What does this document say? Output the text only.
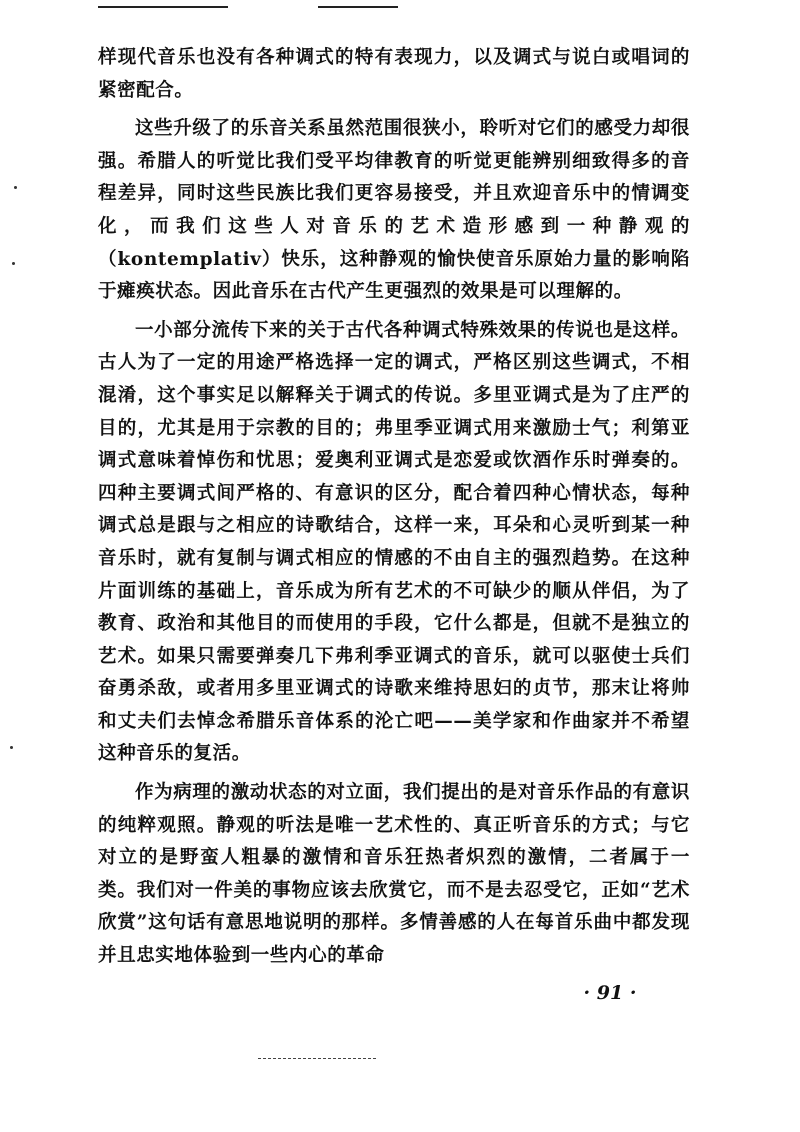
样现代音乐也没有各种调式的特有表现力，以及调式与说白或唱词的紧密配合。

这些升级了的乐音关系虽然范围很狭小，聆听对它们的感受力却很强。希腊人的听觉比我们受平均律教育的听觉更能辨别细致得多的音程差异，同时这些民族比我们更容易接受，并且欢迎音乐中的情调变化，而我们这些人对音乐的艺术造形感到一种静观的（kontemplativ）快乐，这种静观的愉快使音乐原始力量的影响陷于瘫痪状态。因此音乐在古代产生更强烈的效果是可以理解的。

一小部分流传下来的关于古代各种调式特殊效果的传说也是这样。古人为了一定的用途严格选择一定的调式，严格区别这些调式，不相混淆，这个事实足以解释关于调式的传说。多里亚调式是为了庄严的目的，尤其是用于宗教的目的；弗里季亚调式用来激励士气；利第亚调式意味着悼伤和忧思；爱奥利亚调式是恋爱或饮酒作乐时弹奏的。四种主要调式间严格的、有意识的区分，配合着四种心情状态，每种调式总是跟与之相应的诗歌结合，这样一来，耳朵和心灵听到某一种音乐时，就有复制与调式相应的情感的不由自主的强烈趋势。在这种片面训练的基础上，音乐成为所有艺术的不可缺少的顺从伴侣，为了教育、政治和其他目的而使用的手段，它什么都是，但就不是独立的艺术。如果只需要弹奏几下弗利季亚调式的音乐，就可以驱使士兵们奋勇杀敌，或者用多里亚调式的诗歌来维持思妇的贞节，那末让将帅和丈夫们去悼念希腊乐音体系的沦亡吧——美学家和作曲家并不希望这种音乐的复活。

作为病理的激动状态的对立面，我们提出的是对音乐作品的有意识的纯粹观照。静观的听法是唯一艺术性的、真正听音乐的方式；与它对立的是野蛮人粗暴的激情和音乐狂热者炽烈的激情，二者属于一类。我们对一件美的事物应该去欣赏它，而不是去忍受它，正如“艺术欣赏”这句话有意思地说明的那样。多情善感的人在每首乐曲中都发现并且忠实地体验到一些内心的革命

· 91 ·
